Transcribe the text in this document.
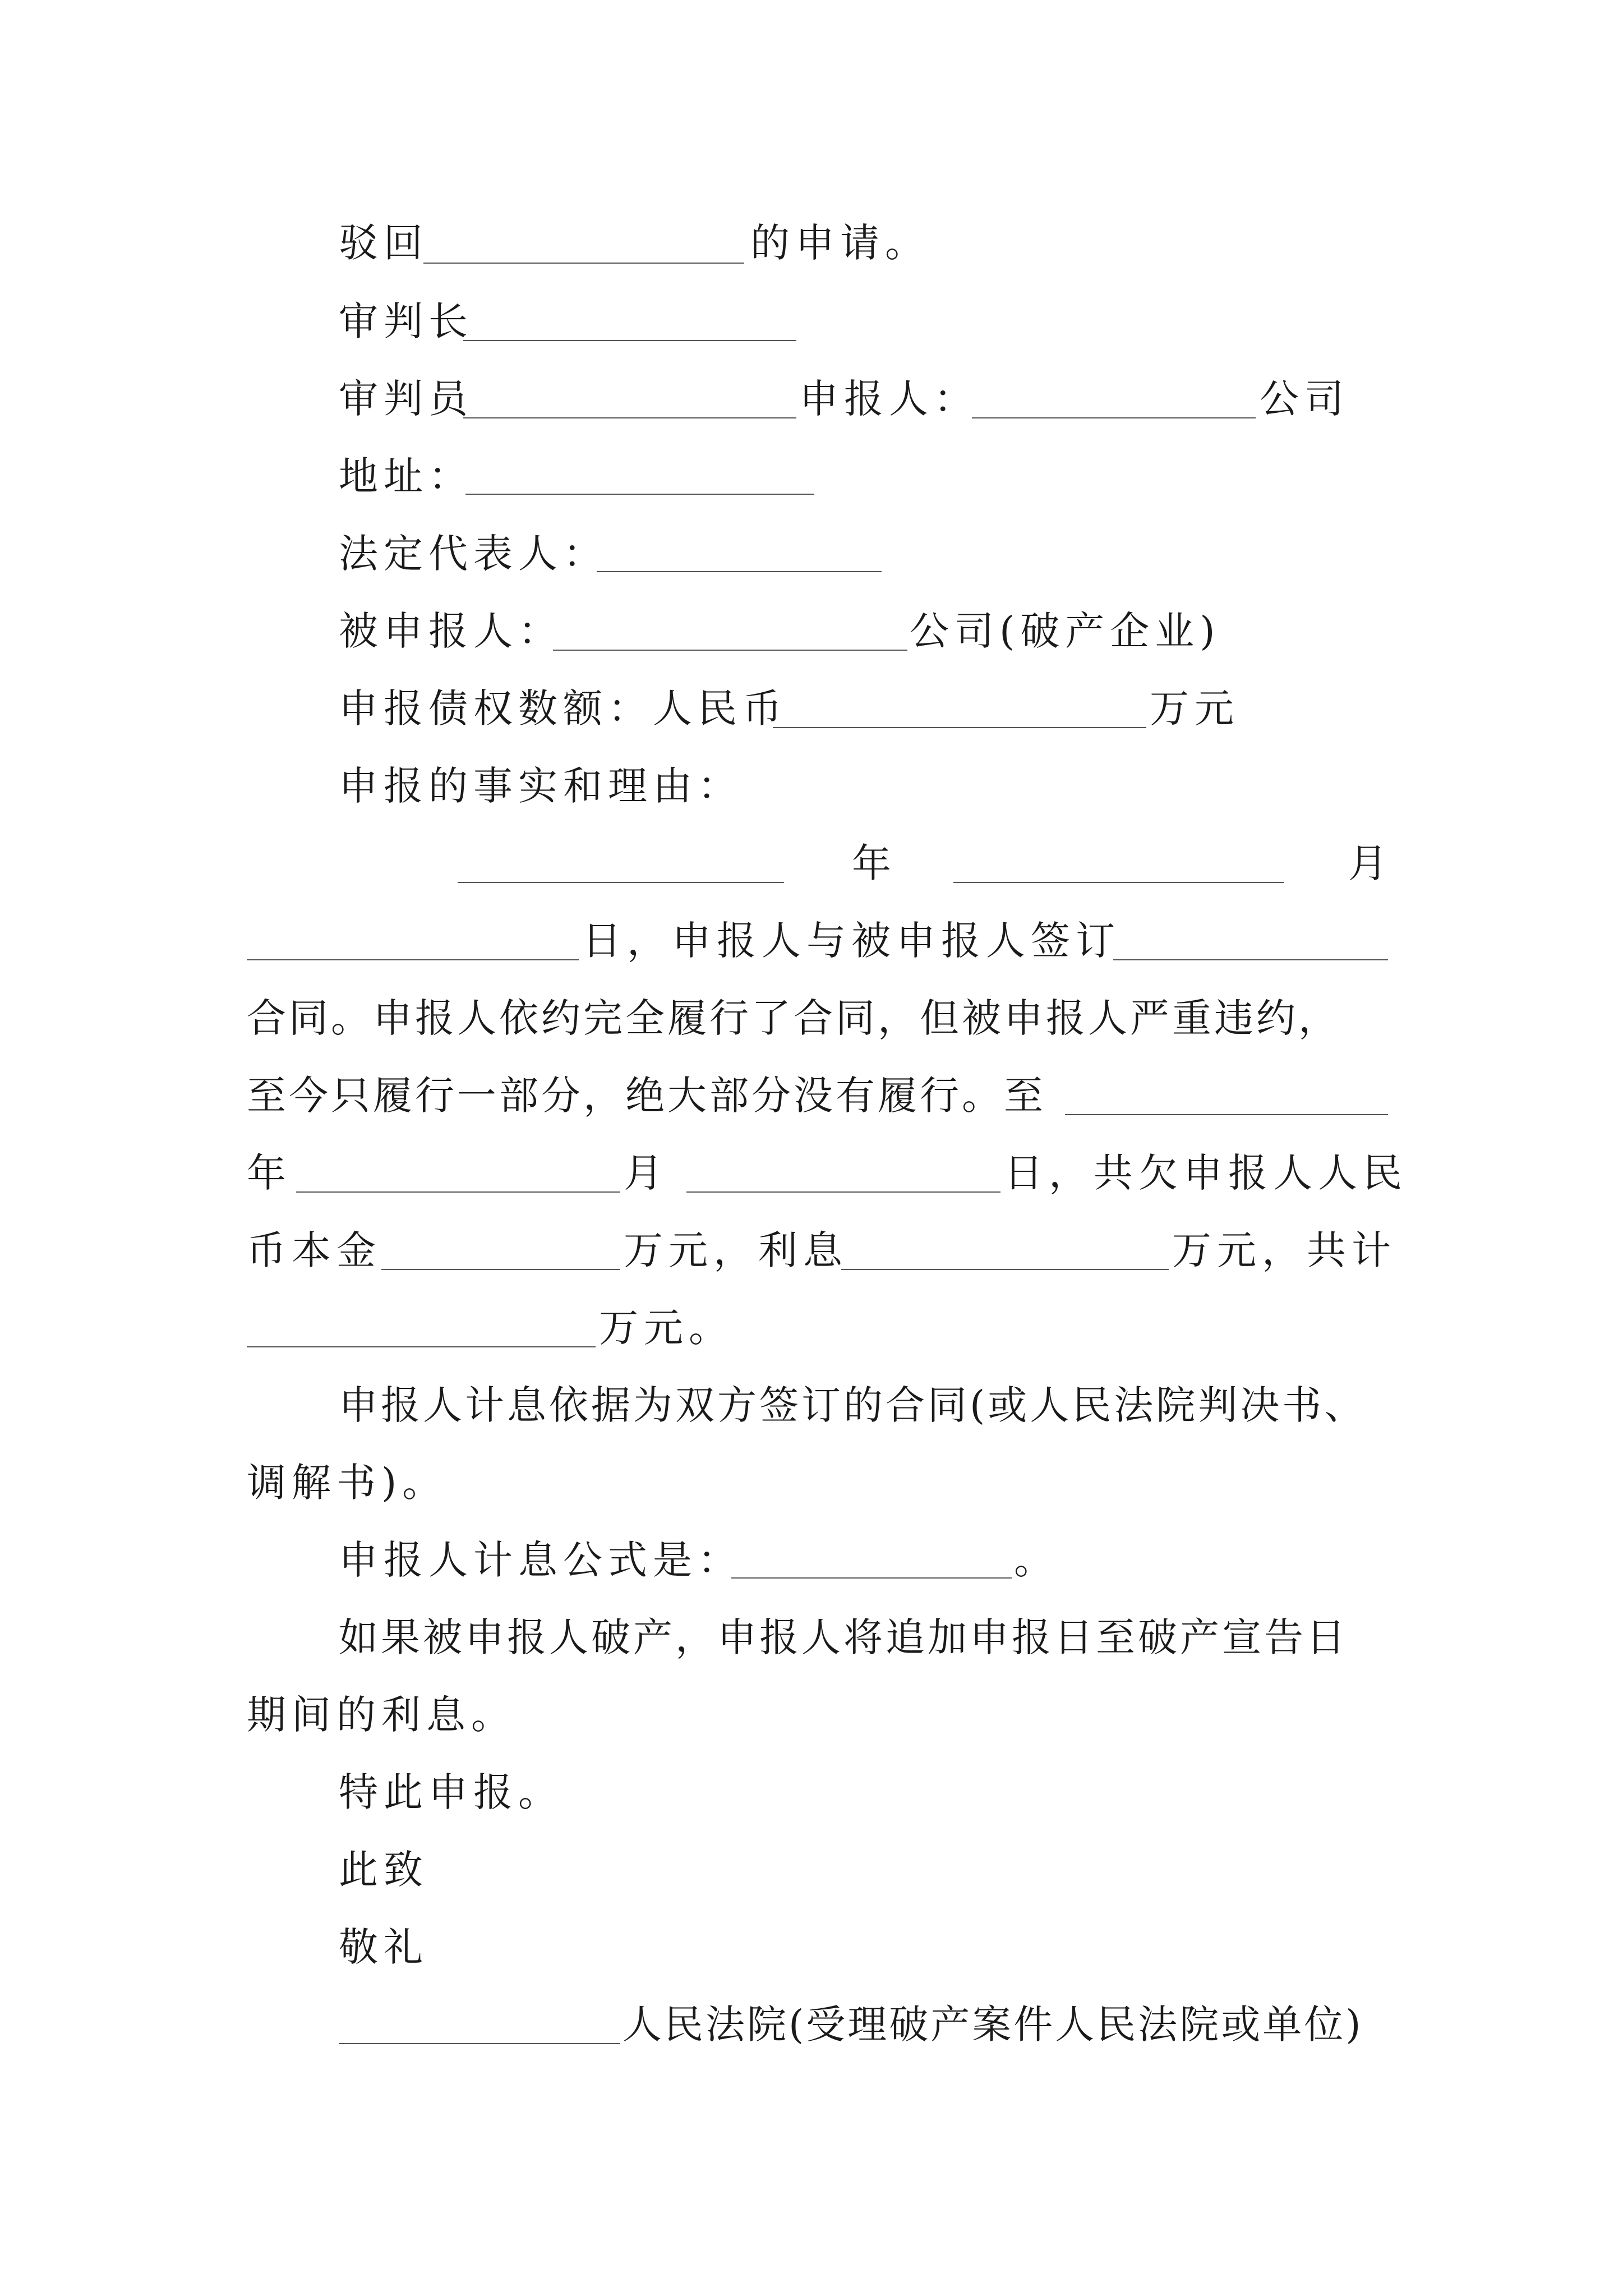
驳回	的申请。
审判长
审判员	申报人：	公司
地址：
法定代表人：
被申报人：	公司(破产企业)
申报债权数额：人民币	万元
申报的事实和理由：
年	月
日，申报人与被申报人签订
合同。申报人依约完全履行了合同，但被申报人严重违约，
至今只履行一部分，绝大部分没有履行。至
年	月	日，共欠申报人人民
币本金	万元，利息	万元，共计
万元。
申报人计息依据为双方签订的合同(或人民法院判决书、
调解书)。
申报人计息公式是：	。
如果被申报人破产，申报人将追加申报日至破产宣告日
期间的利息。
特此申报。
此致
敬礼
人民法院(受理破产案件人民法院或单位)
